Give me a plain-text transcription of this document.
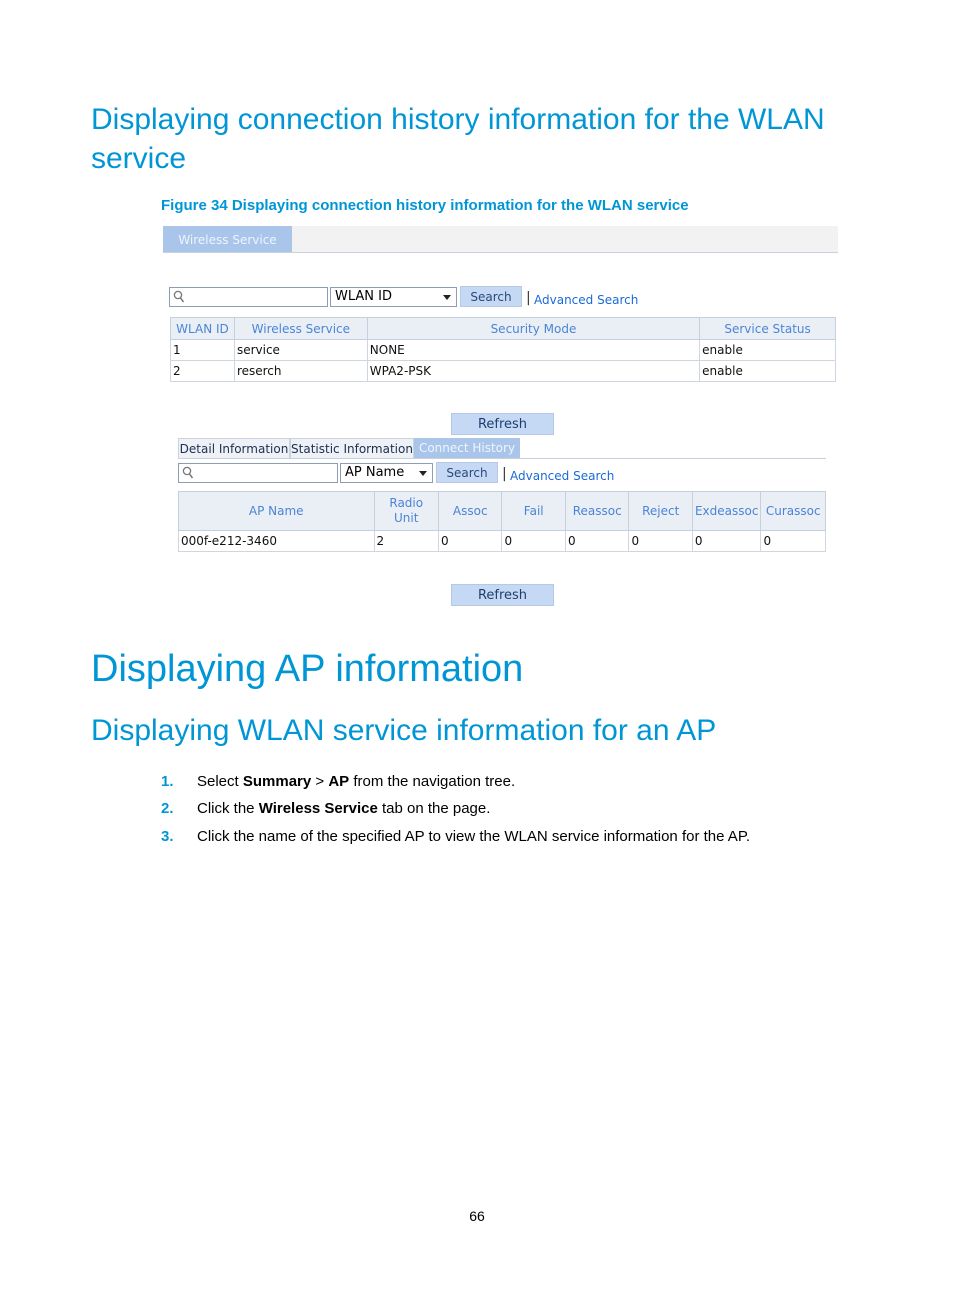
Displaying connection history information for the WLAN service

Figure 34 Displaying connection history information for the WLAN service

Wireless Service
WLAN ID	Search	| Advanced Search
WLAN ID	Wireless Service	Security Mode	Service Status
1	service	NONE	enable
2	reserch	WPA2-PSK	enable
Refresh
Detail Information Statistic Information Connect History
AP Name	Search	| Advanced Search
AP Name	Radio Unit	Assoc	Fail	Reassoc	Reject	Exdeassoc	Curassoc
000f-e212-3460	2	0	0	0	0	0	0
Refresh
Displaying AP information
Displaying WLAN service information for an AP
1. Select Summary > AP from the navigation tree.
2. Click the Wireless Service tab on the page.
3. Click the name of the specified AP to view the WLAN service information for the AP.
66
